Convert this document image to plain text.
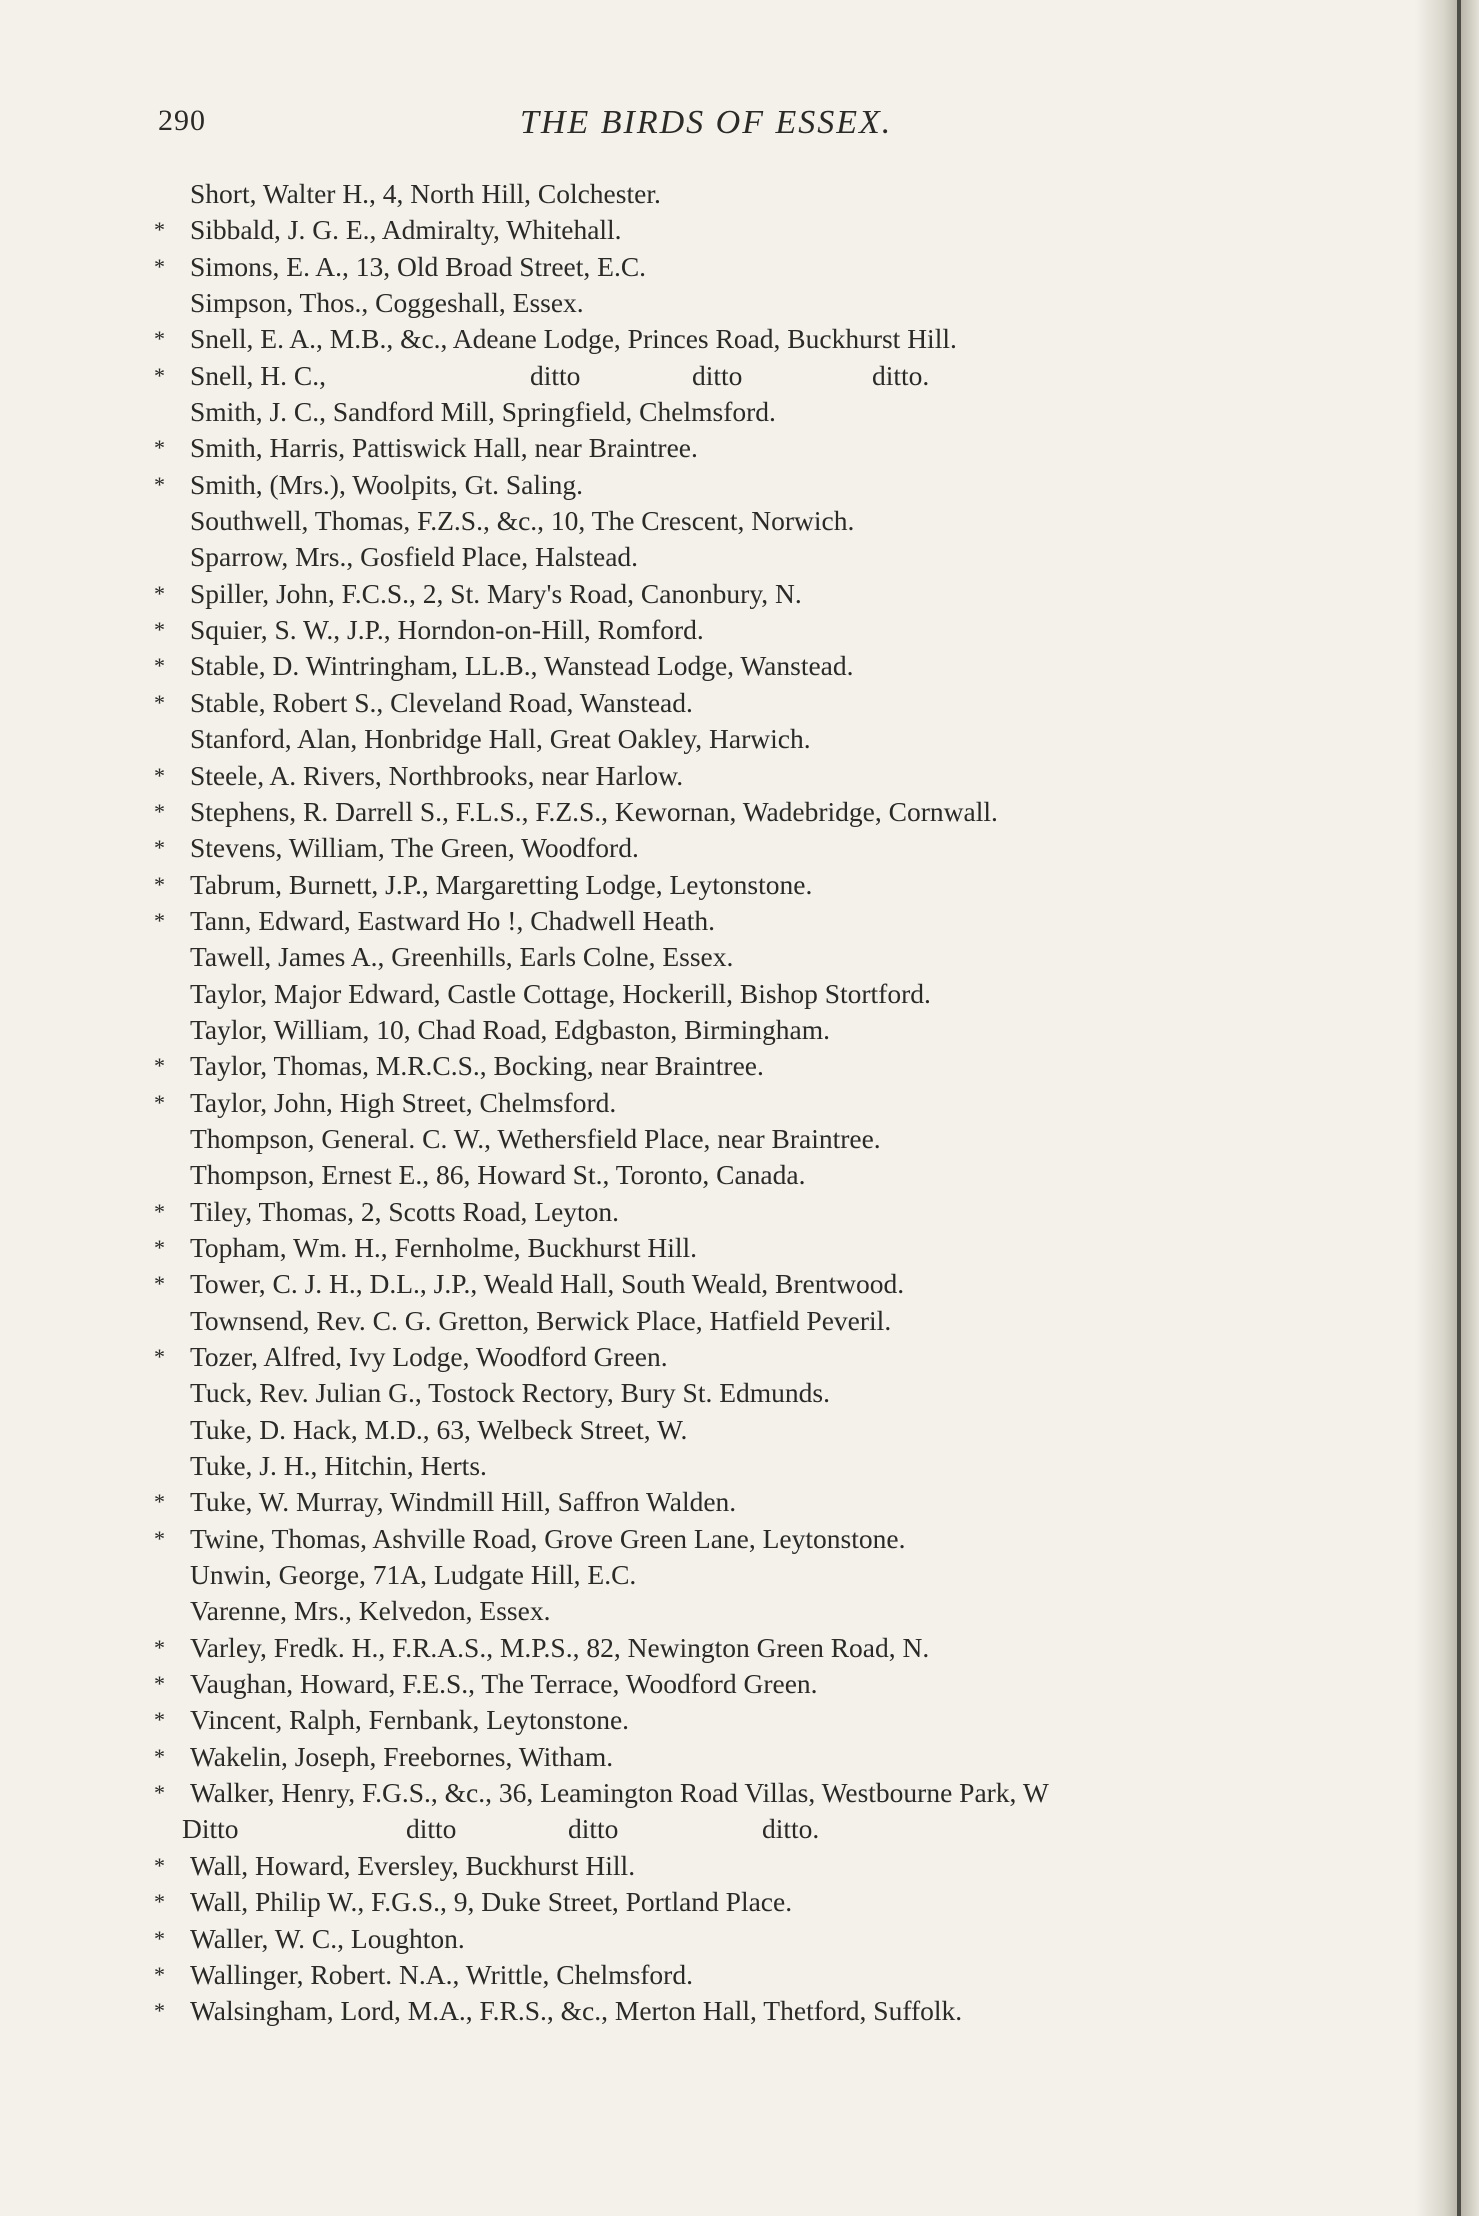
290	THE BIRDS OF ESSEX.
Short, Walter H., 4, North Hill, Colchester.
* Sibbald, J. G. E., Admiralty, Whitehall.
* Simons, E. A., 13, Old Broad Street, E.C.
Simpson, Thos., Coggeshall, Essex.
* Snell, E. A., M.B., &c., Adeane Lodge, Princes Road, Buckhurst Hill.
* Snell, H. C.,	ditto	ditto	ditto.
Smith, J. C., Sandford Mill, Springfield, Chelmsford.
* Smith, Harris, Pattiswick Hall, near Braintree.
* Smith, (Mrs.), Woolpits, Gt. Saling.
Southwell, Thomas, F.Z.S., &c., 10, The Crescent, Norwich.
Sparrow, Mrs., Gosfield Place, Halstead.
* Spiller, John, F.C.S., 2, St. Mary's Road, Canonbury, N.
* Squier, S. W., J.P., Horndon-on-Hill, Romford.
* Stable, D. Wintringham, LL.B., Wanstead Lodge, Wanstead.
* Stable, Robert S., Cleveland Road, Wanstead.
Stanford, Alan, Honbridge Hall, Great Oakley, Harwich.
* Steele, A. Rivers, Northbrooks, near Harlow.
* Stephens, R. Darrell S., F.L.S., F.Z.S., Kewornan, Wadebridge, Cornwall.
* Stevens, William, The Green, Woodford.
* Tabrum, Burnett, J.P., Margaretting Lodge, Leytonstone.
* Tann, Edward, Eastward Ho !, Chadwell Heath.
Tawell, James A., Greenhills, Earls Colne, Essex.
Taylor, Major Edward, Castle Cottage, Hockerill, Bishop Stortford.
Taylor, William, 10, Chad Road, Edgbaston, Birmingham.
* Taylor, Thomas, M.R.C.S., Bocking, near Braintree.
* Taylor, John, High Street, Chelmsford.
Thompson, General. C. W., Wethersfield Place, near Braintree.
Thompson, Ernest E., 86, Howard St., Toronto, Canada.
* Tiley, Thomas, 2, Scotts Road, Leyton.
* Topham, Wm. H., Fernholme, Buckhurst Hill.
* Tower, C. J. H., D.L., J.P., Weald Hall, South Weald, Brentwood.
Townsend, Rev. C. G. Gretton, Berwick Place, Hatfield Peveril.
* Tozer, Alfred, Ivy Lodge, Woodford Green.
Tuck, Rev. Julian G., Tostock Rectory, Bury St. Edmunds.
Tuke, D. Hack, M.D., 63, Welbeck Street, W.
Tuke, J. H., Hitchin, Herts.
* Tuke, W. Murray, Windmill Hill, Saffron Walden.
* Twine, Thomas, Ashville Road, Grove Green Lane, Leytonstone.
Unwin, George, 71A, Ludgate Hill, E.C.
Varenne, Mrs., Kelvedon, Essex.
* Varley, Fredk. H., F.R.A.S., M.P.S., 82, Newington Green Road, N.
* Vaughan, Howard, F.E.S., The Terrace, Woodford Green.
* Vincent, Ralph, Fernbank, Leytonstone.
* Wakelin, Joseph, Freebornes, Witham.
* Walker, Henry, F.G.S., &c., 36, Leamington Road Villas, Westbourne Park, W
Ditto	ditto	ditto	ditto.
* Wall, Howard, Eversley, Buckhurst Hill.
* Wall, Philip W., F.G.S., 9, Duke Street, Portland Place.
* Waller, W. C., Loughton.
* Wallinger, Robert. N.A., Writtle, Chelmsford.
* Walsingham, Lord, M.A., F.R.S., &c., Merton Hall, Thetford, Suffolk.
